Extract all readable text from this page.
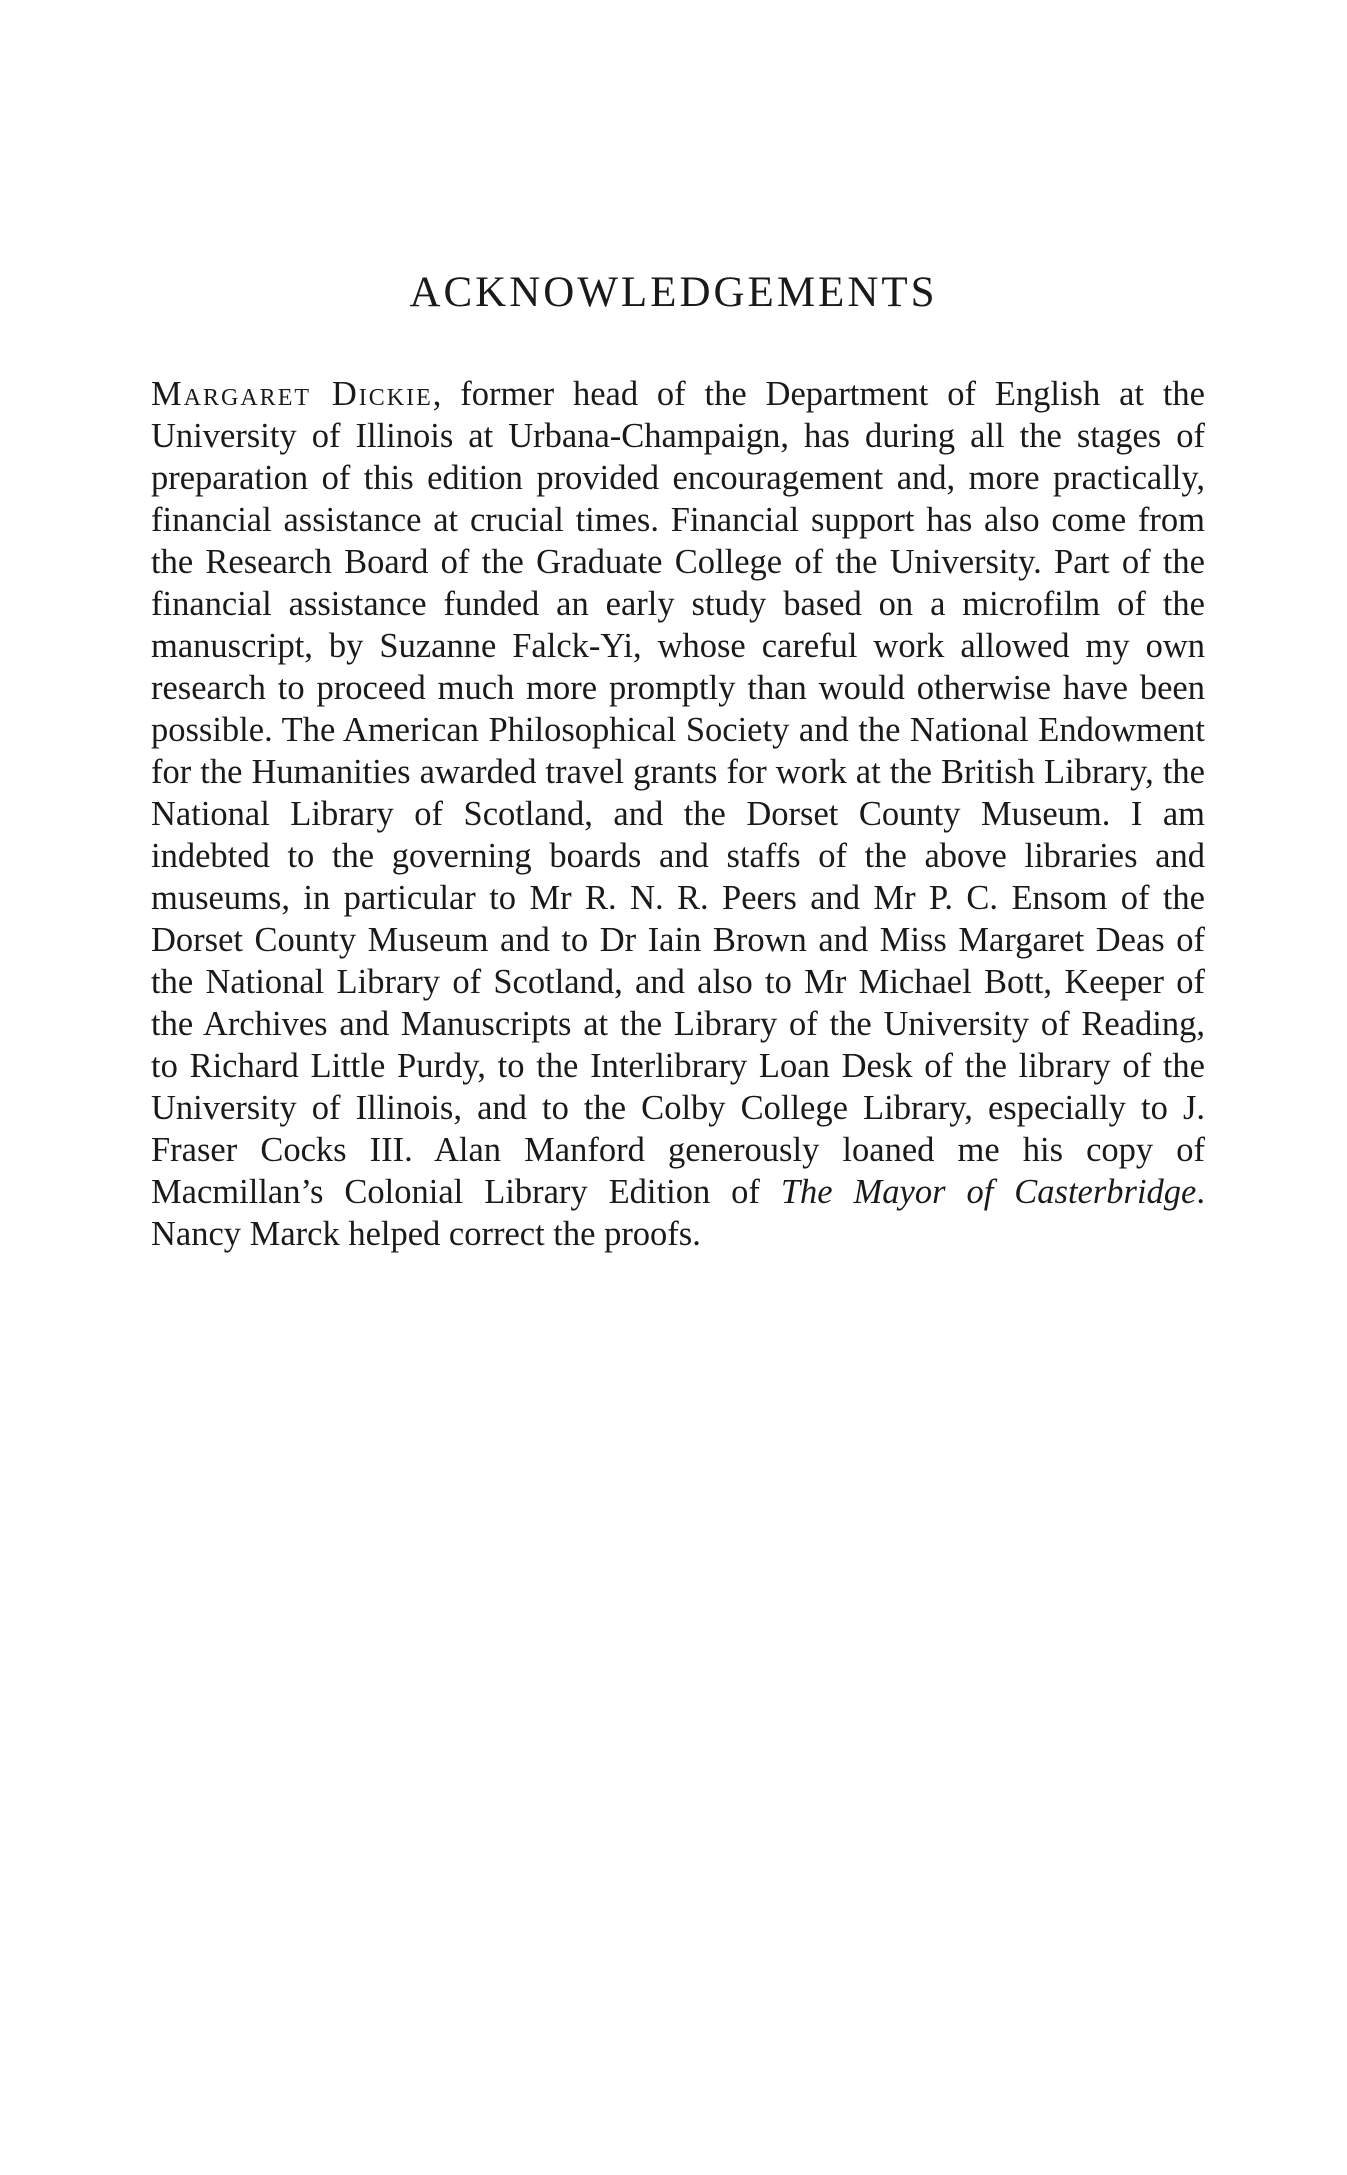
ACKNOWLEDGEMENTS

Margaret Dickie, former head of the Department of English at the University of Illinois at Urbana-Champaign, has during all the stages of preparation of this edition provided encouragement and, more practically, financial assistance at crucial times. Financial support has also come from the Research Board of the Graduate College of the University. Part of the financial assistance funded an early study based on a microfilm of the manuscript, by Suzanne Falck-Yi, whose careful work allowed my own research to proceed much more promptly than would otherwise have been possible. The American Philosophical Society and the National Endowment for the Humanities awarded travel grants for work at the British Library, the National Library of Scotland, and the Dorset County Museum. I am indebted to the governing boards and staffs of the above libraries and museums, in particular to Mr R. N. R. Peers and Mr P. C. Ensom of the Dorset County Museum and to Dr Iain Brown and Miss Margaret Deas of the National Library of Scotland, and also to Mr Michael Bott, Keeper of the Archives and Manuscripts at the Library of the University of Reading, to Richard Little Purdy, to the Interlibrary Loan Desk of the library of the University of Illinois, and to the Colby College Library, especially to J. Fraser Cocks III. Alan Manford generously loaned me his copy of Macmillan’s Colonial Library Edition of The Mayor of Casterbridge. Nancy Marck helped correct the proofs.
